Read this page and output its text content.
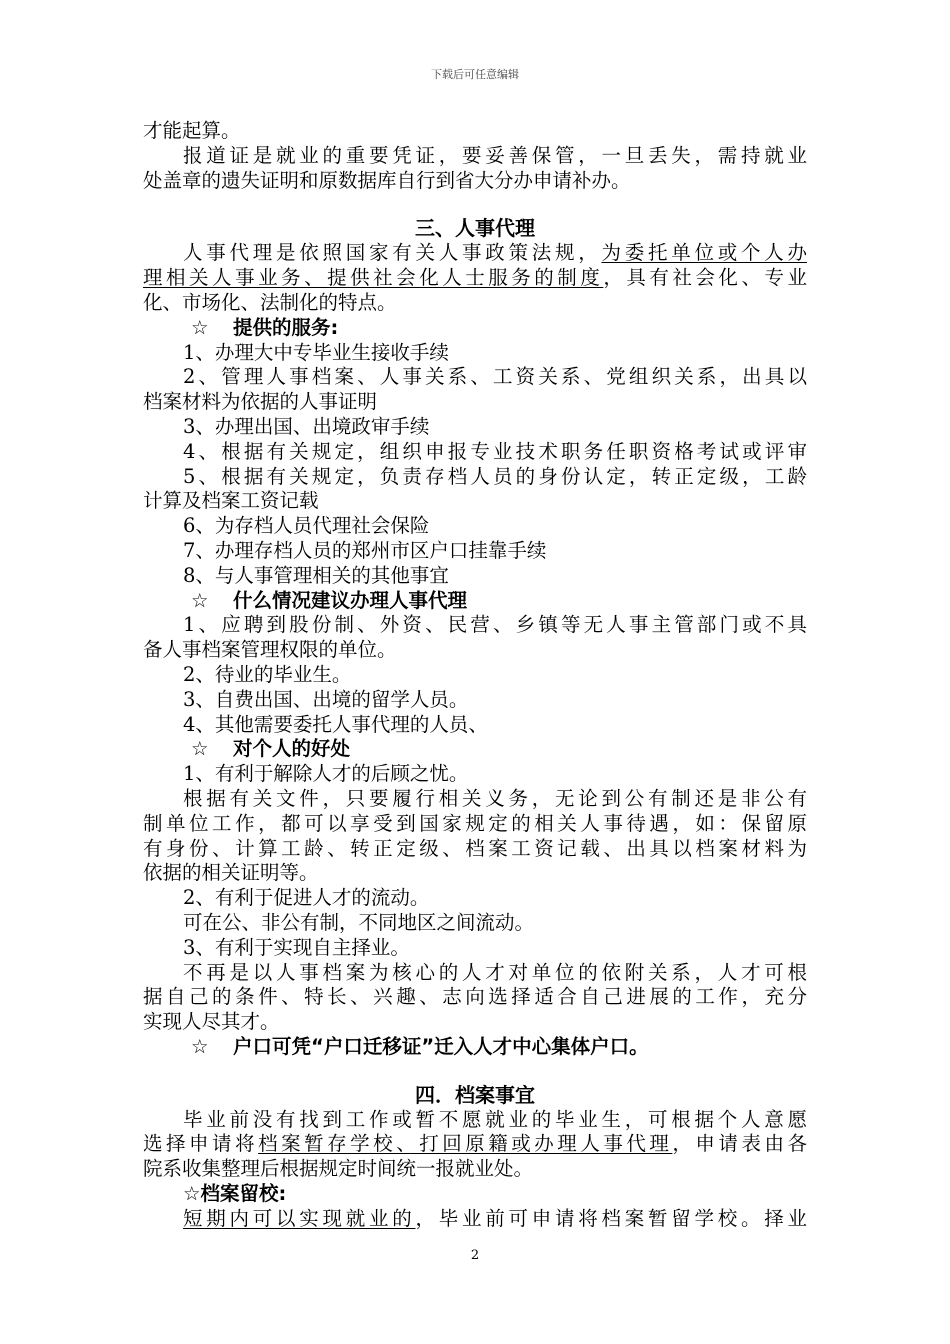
下载后可任意编辑
才能起算。
报道证是就业的重要凭证，要妥善保管，一旦丢失，需持就业
处盖章的遗失证明和原数据库自行到省大分办申请补办。
三、人事代理
人事代理是依照国家有关人事政策法规，为委托单位或个人办
理相关人事业务、提供社会化人士服务的制度，具有社会化、专业
化、市场化、法制化的特点。
☆ 提供的服务:
1、办理大中专毕业生接收手续
2、管理人事档案、人事关系、工资关系、党组织关系，出具以
档案材料为依据的人事证明
3、办理出国、出境政审手续
4、根据有关规定，组织申报专业技术职务任职资格考试或评审
5、根据有关规定，负责存档人员的身份认定，转正定级，工龄
计算及档案工资记载
6、为存档人员代理社会保险
7、办理存档人员的郑州市区户口挂靠手续
8、与人事管理相关的其他事宜
☆ 什么情况建议办理人事代理
1、应聘到股份制、外资、民营、乡镇等无人事主管部门或不具
备人事档案管理权限的单位。
2、待业的毕业生。
3、自费出国、出境的留学人员。
4、其他需要委托人事代理的人员、
☆ 对个人的好处
1、有利于解除人才的后顾之忧。
根据有关文件，只要履行相关义务，无论到公有制还是非公有
制单位工作，都可以享受到国家规定的相关人事待遇，如：保留原
有身份、计算工龄、转正定级、档案工资记载、出具以档案材料为
依据的相关证明等。
2、有利于促进人才的流动。
可在公、非公有制，不同地区之间流动。
3、有利于实现自主择业。
不再是以人事档案为核心的人才对单位的依附关系，人才可根
据自己的条件、特长、兴趣、志向选择适合自己进展的工作，充分
实现人尽其才。
☆ 户口可凭“户口迁移证”迁入人才中心集体户口。
四．档案事宜
毕业前没有找到工作或暂不愿就业的毕业生，可根据个人意愿
选择申请将档案暂存学校、打回原籍或办理人事代理，申请表由各
院系收集整理后根据规定时间统一报就业处。
☆档案留校:
短期内可以实现就业的，毕业前可申请将档案暂留学校。择业
2
